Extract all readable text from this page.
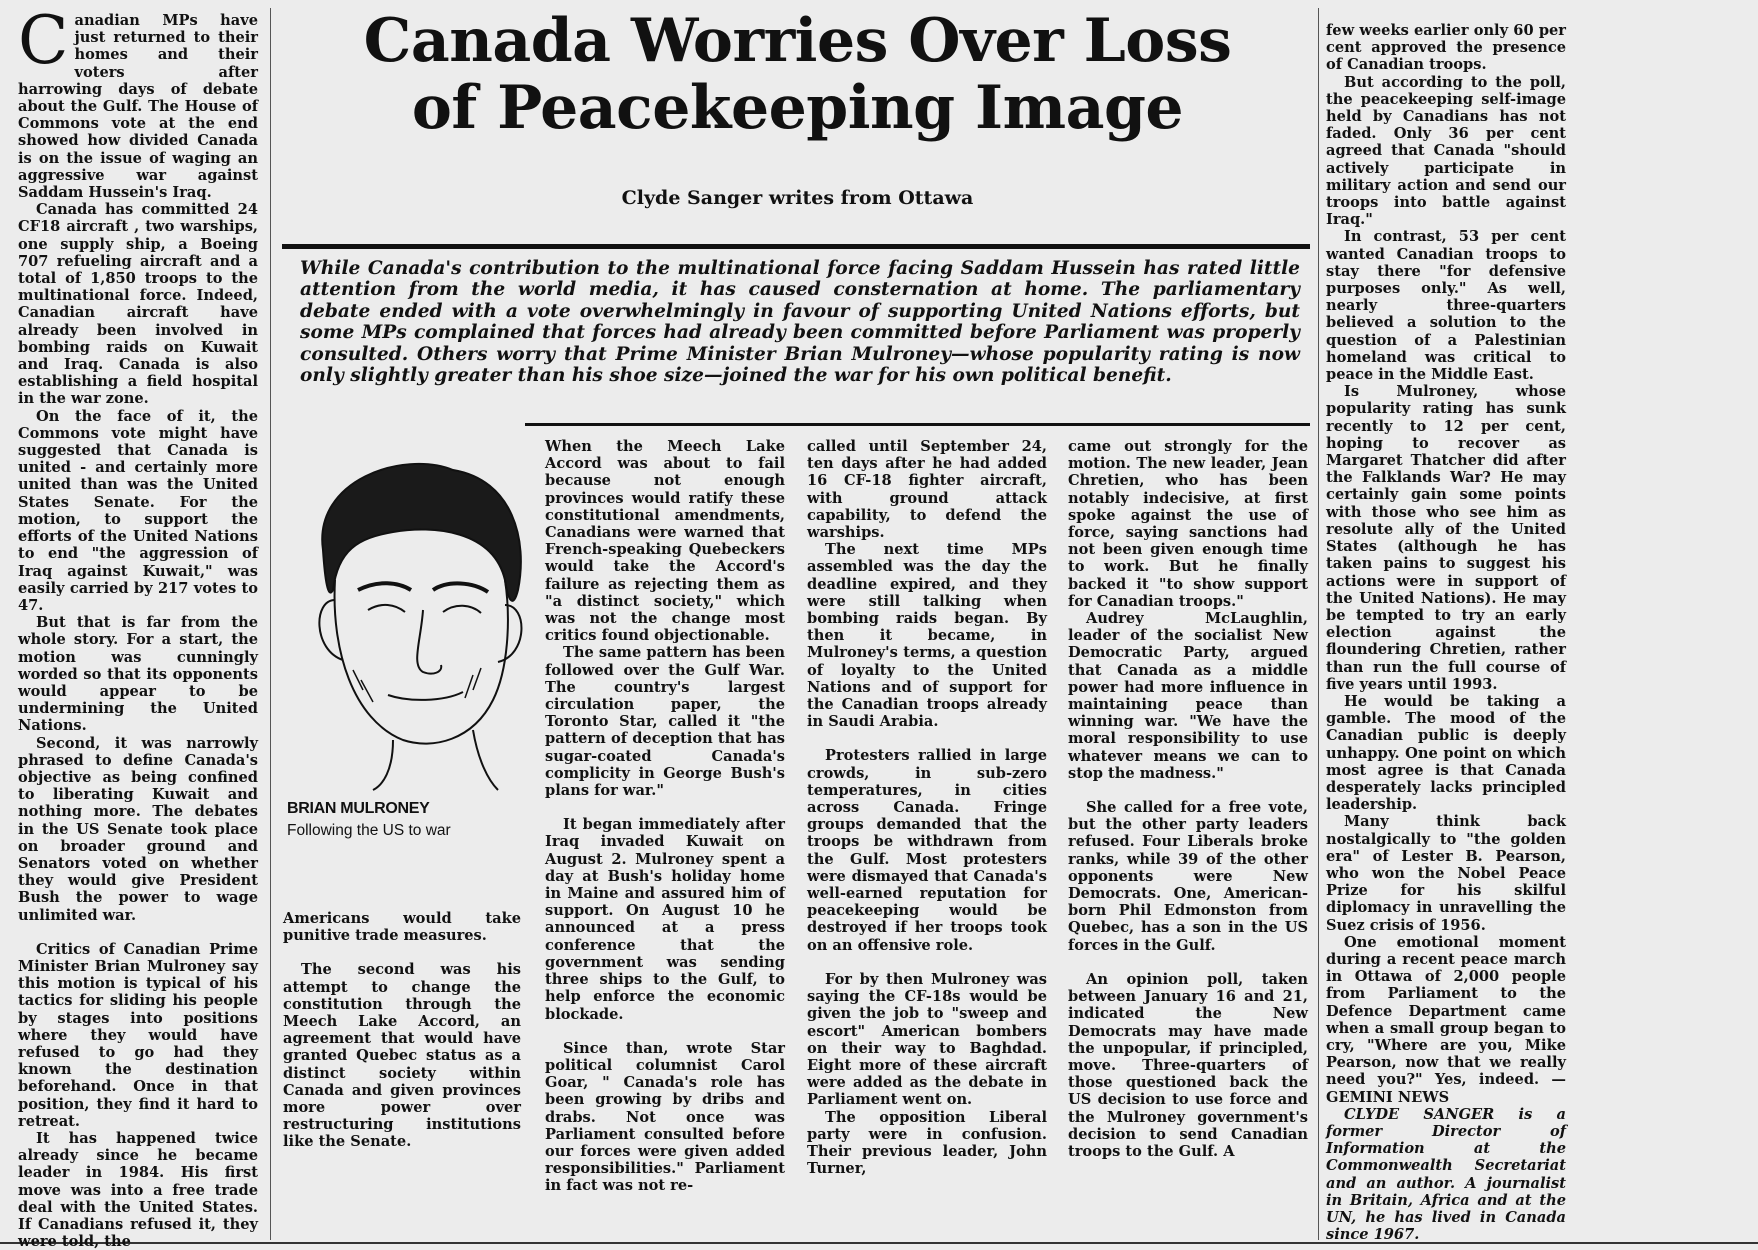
Canada Worries Over Loss
of Peacekeeping Image
Clyde Sanger writes from Ottawa
While Canada's contribution to the multinational force facing Saddam Hussein has rated little attention from the world media, it has caused consternation at home. The parliamentary debate ended with a vote overwhelmingly in favour of supporting United Nations efforts, but some MPs complained that forces had already been committed before Parliament was properly consulted. Others worry that Prime Minister Brian Mulroney—whose popularity rating is now only slightly greater than his shoe size—joined the war for his own political benefit.

Canadian MPs have just returned to their homes and their voters after harrowing days of debate about the Gulf. The House of Commons vote at the end showed how divided Canada is on the issue of waging an aggressive war against Saddam Hussein's Iraq.

Canada has committed 24 CF18 aircraft , two warships, one supply ship, a Boeing 707 refueling aircraft and a total of 1,850 troops to the multinational force. Indeed, Canadian aircraft have already been involved in bombing raids on Kuwait and Iraq. Canada is also establishing a field hospital in the war zone.

On the face of it, the Commons vote might have suggested that Canada is united - and certainly more united than was the United States Senate. For the motion, to support the efforts of the United Nations to end "the aggression of Iraq against Kuwait," was easily carried by 217 votes to 47.

But that is far from the whole story. For a start, the motion was cunningly worded so that its opponents would appear to be undermining the United Nations.

Second, it was narrowly phrased to define Canada's objective as being confined to liberating Kuwait and nothing more. The debates in the US Senate took place on broader ground and Senators voted on whether they would give President Bush the power to wage unlimited war.

Critics of Canadian Prime Minister Brian Mulroney say this motion is typical of his tactics for sliding his people by stages into positions where they would have refused to go had they known the destination beforehand. Once in that position, they find it hard to retreat.

It has happened twice already since he became leader in 1984. His first move was into a free trade deal with the United States. If Canadians refused it, they were told, the

BRIAN MULRONEY
Following the US to war

Americans would take punitive trade measures.

The second was his attempt to change the constitution through the Meech Lake Accord, an agreement that would have granted Quebec status as a distinct society within Canada and given provinces more power over restructuring institutions like the Senate.

When the Meech Lake Accord was about to fail because not enough provinces would ratify these constitutional amendments, Canadians were warned that French-speaking Quebeckers would take the Accord's failure as rejecting them as "a distinct society," which was not the change most critics found objectionable.

The same pattern has been followed over the Gulf War. The country's largest circulation paper, the Toronto Star, called it "the pattern of deception that has sugar-coated Canada's complicity in George Bush's plans for war."

It began immediately after Iraq invaded Kuwait on August 2. Mulroney spent a day at Bush's holiday home in Maine and assured him of support. On August 10 he announced at a press conference that the government was sending three ships to the Gulf, to help enforce the economic blockade.

Since than, wrote Star political columnist Carol Goar, " Canada's role has been growing by dribs and drabs. Not once was Parliament consulted before our forces were given added responsibilities." Parliament in fact was not re-

called until September 24, ten days after he had added 16 CF-18 fighter aircraft, with ground attack capability, to defend the warships.

The next time MPs assembled was the day the deadline expired, and they were still talking when bombing raids began. By then it became, in Mulroney's terms, a question of loyalty to the United Nations and of support for the Canadian troops already in Saudi Arabia.

Protesters rallied in large crowds, in sub-zero temperatures, in cities across Canada. Fringe groups demanded that the troops be withdrawn from the Gulf. Most protesters were dismayed that Canada's well-earned reputation for peacekeeping would be destroyed if her troops took on an offensive role.

For by then Mulroney was saying the CF-18s would be given the job to "sweep and escort" American bombers on their way to Baghdad. Eight more of these aircraft were added as the debate in Parliament went on.

The opposition Liberal party were in confusion. Their previous leader, John Turner,

came out strongly for the motion. The new leader, Jean Chretien, who has been notably indecisive, at first spoke against the use of force, saying sanctions had not been given enough time to work. But he finally backed it "to show support for Canadian troops."

Audrey McLaughlin, leader of the socialist New Democratic Party, argued that Canada as a middle power had more influence in maintaining peace than winning war. "We have the moral responsibility to use whatever means we can to stop the madness."

She called for a free vote, but the other party leaders refused. Four Liberals broke ranks, while 39 of the other opponents were New Democrats. One, American-born Phil Edmonston from Quebec, has a son in the US forces in the Gulf.

An opinion poll, taken between January 16 and 21, indicated the New Democrats may have made the unpopular, if principled, move. Three-quarters of those questioned back the US decision to use force and the Mulroney government's decision to send Canadian troops to the Gulf. A

few weeks earlier only 60 per cent approved the presence of Canadian troops.

But according to the poll, the peacekeeping self-image held by Canadians has not faded. Only 36 per cent agreed that Canada "should actively participate in military action and send our troops into battle against Iraq."

In contrast, 53 per cent wanted Canadian troops to stay there "for defensive purposes only." As well, nearly three-quarters believed a solution to the question of a Palestinian homeland was critical to peace in the Middle East.

Is Mulroney, whose popularity rating has sunk recently to 12 per cent, hoping to recover as Margaret Thatcher did after the Falklands War? He may certainly gain some points with those who see him as resolute ally of the United States (although he has taken pains to suggest his actions were in support of the United Nations). He may be tempted to try an early election against the floundering Chretien, rather than run the full course of five years until 1993.

He would be taking a gamble. The mood of the Canadian public is deeply unhappy. One point on which most agree is that Canada desperately lacks principled leadership.

Many think back nostalgically to "the golden era" of Lester B. Pearson, who won the Nobel Peace Prize for his skilful diplomacy in unravelling the Suez crisis of 1956.

One emotional moment during a recent peace march in Ottawa of 2,000 people from Parliament to the Defence Department came when a small group began to cry, "Where are you, Mike Pearson, now that we really need you?" Yes, indeed. —GEMINI NEWS

CLYDE SANGER is a former Director of Information at the Commonwealth Secretariat and an author. A journalist in Britain, Africa and at the UN, he has lived in Canada since 1967.
